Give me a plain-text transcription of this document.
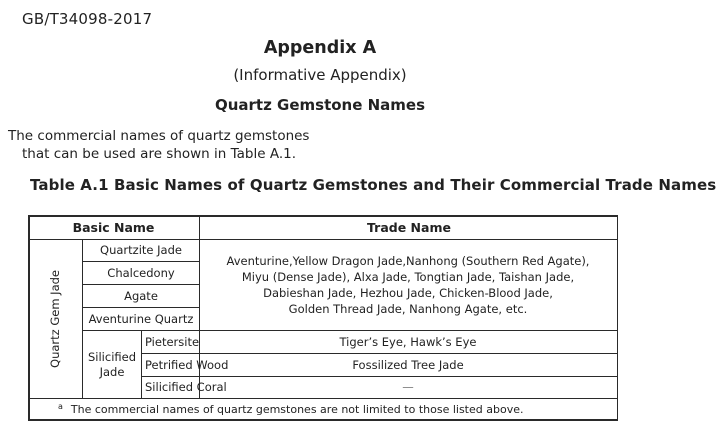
GB/T34098-2017
Appendix A
(Informative Appendix)
Quartz Gemstone Names
The commercial names of quartz gemstones
that can be used are shown in Table A.1.
Table A.1 Basic Names of Quartz Gemstones and Their Commercial Trade Names
Basic Name	Trade Name
Quartz Gem Jade
Quartzite Jade
Chalcedony
Agate
Aventurine Quartz
Aventurine,Yellow Dragon Jade,Nanhong (Southern Red Agate),
Miyu (Dense Jade), Alxa Jade, Tongtian Jade, Taishan Jade,
Dabieshan Jade, Hezhou Jade, Chicken-Blood Jade,
Golden Thread Jade, Nanhong Agate, etc.
Silicified
Jade
Pietersite
Petrified Wood
Silicified Coral
Tiger’s Eye, Hawk’s Eye
Fossilized Tree Jade
—
a The commercial names of quartz gemstones are not limited to those listed above.
